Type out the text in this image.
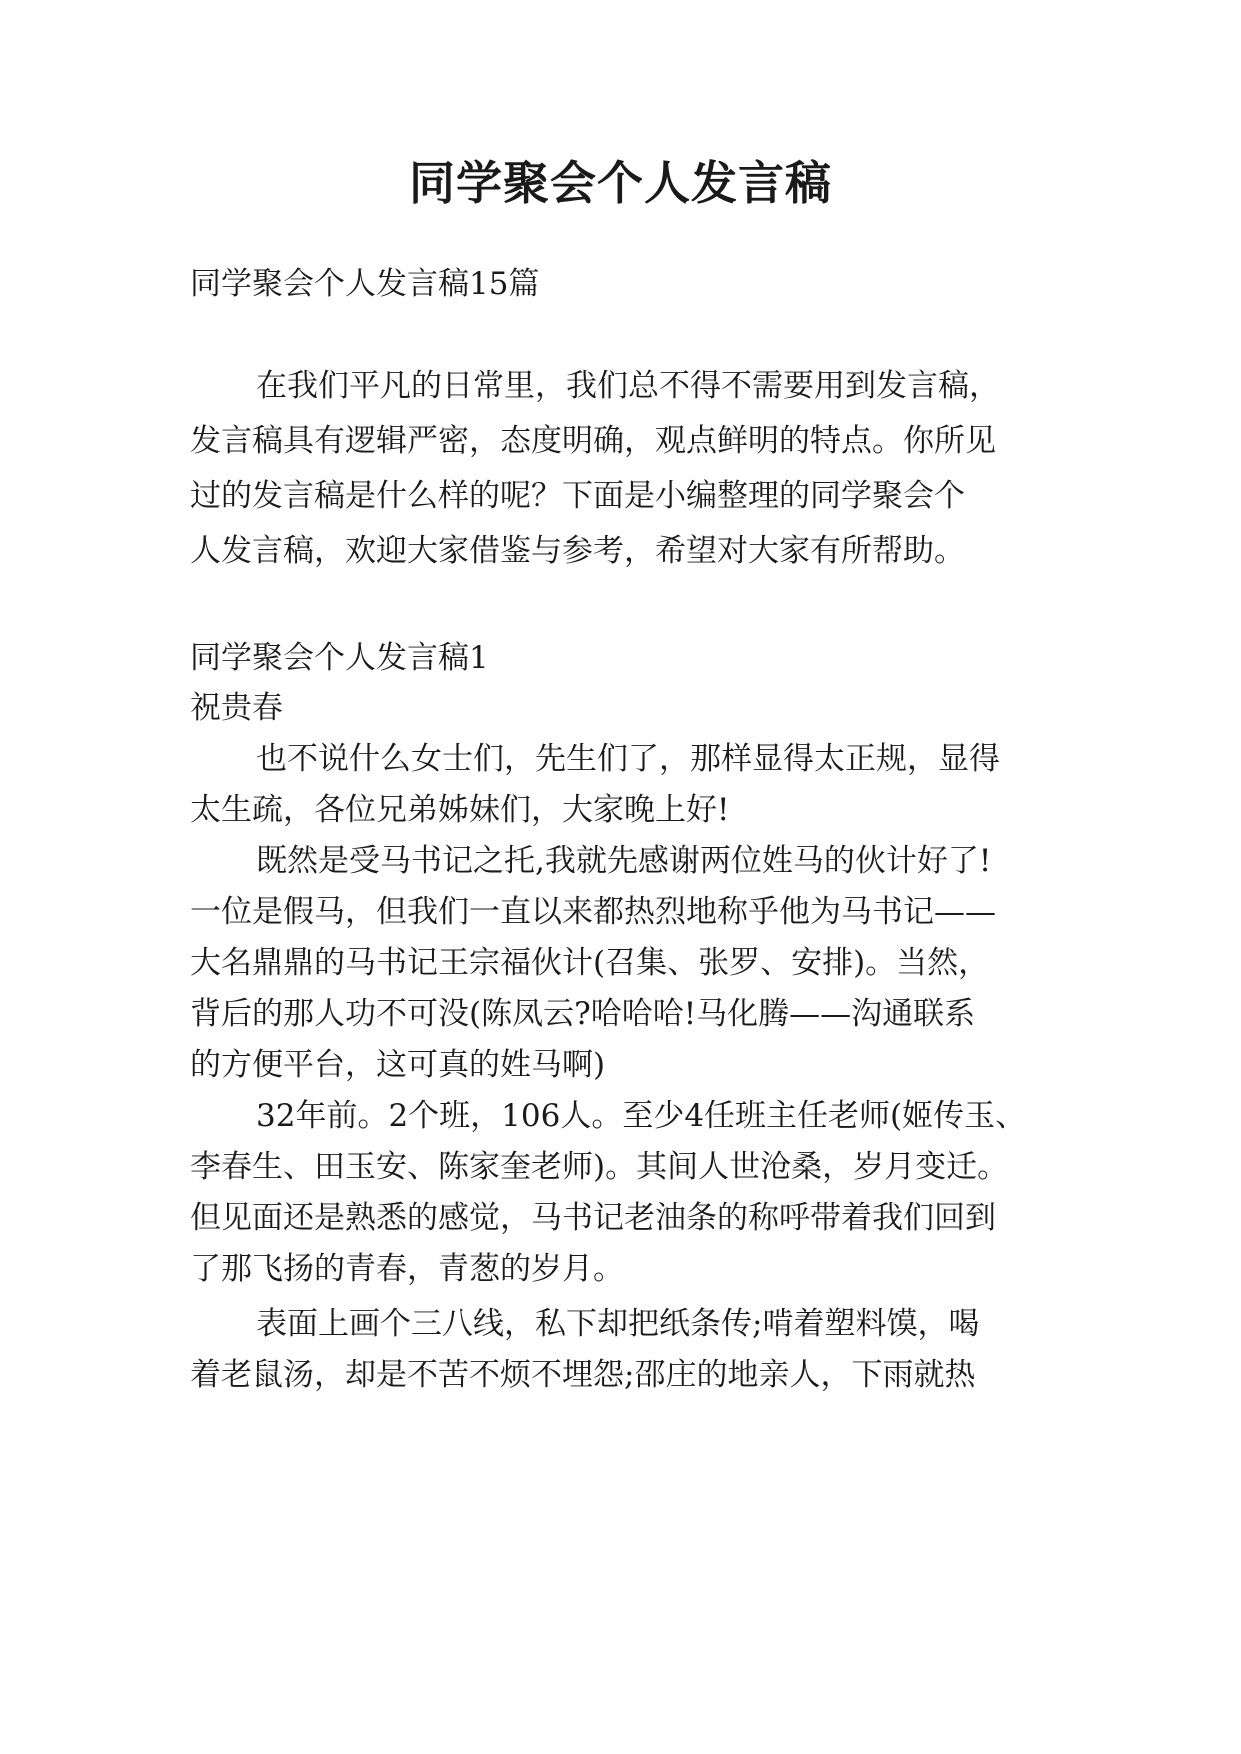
同学聚会个人发言稿

同学聚会个人发言稿15篇

在我们平凡的日常里，我们总不得不需要用到发言稿，

发言稿具有逻辑严密，态度明确，观点鲜明的特点。你所见

过的发言稿是什么样的呢？下面是小编整理的同学聚会个

人发言稿，欢迎大家借鉴与参考，希望对大家有所帮助。

同学聚会个人发言稿1

祝贵春

也不说什么女士们，先生们了，那样显得太正规，显得

太生疏，各位兄弟姊妹们，大家晚上好!

既然是受马书记之托,我就先感谢两位姓马的伙计好了!

一位是假马，但我们一直以来都热烈地称乎他为马书记——

大名鼎鼎的马书记王宗福伙计(召集、张罗、安排)。当然，

背后的那人功不可没(陈凤云?哈哈哈!马化腾——沟通联系

的方便平台，这可真的姓马啊)

32年前。2个班，106人。至少4任班主任老师(姬传玉、

李春生、田玉安、陈家奎老师)。其间人世沧桑，岁月变迁。

但见面还是熟悉的感觉，马书记老油条的称呼带着我们回到

了那飞扬的青春，青葱的岁月。

表面上画个三八线，私下却把纸条传;啃着塑料馍，喝

着老鼠汤，却是不苦不烦不埋怨;邵庄的地亲人，下雨就热
